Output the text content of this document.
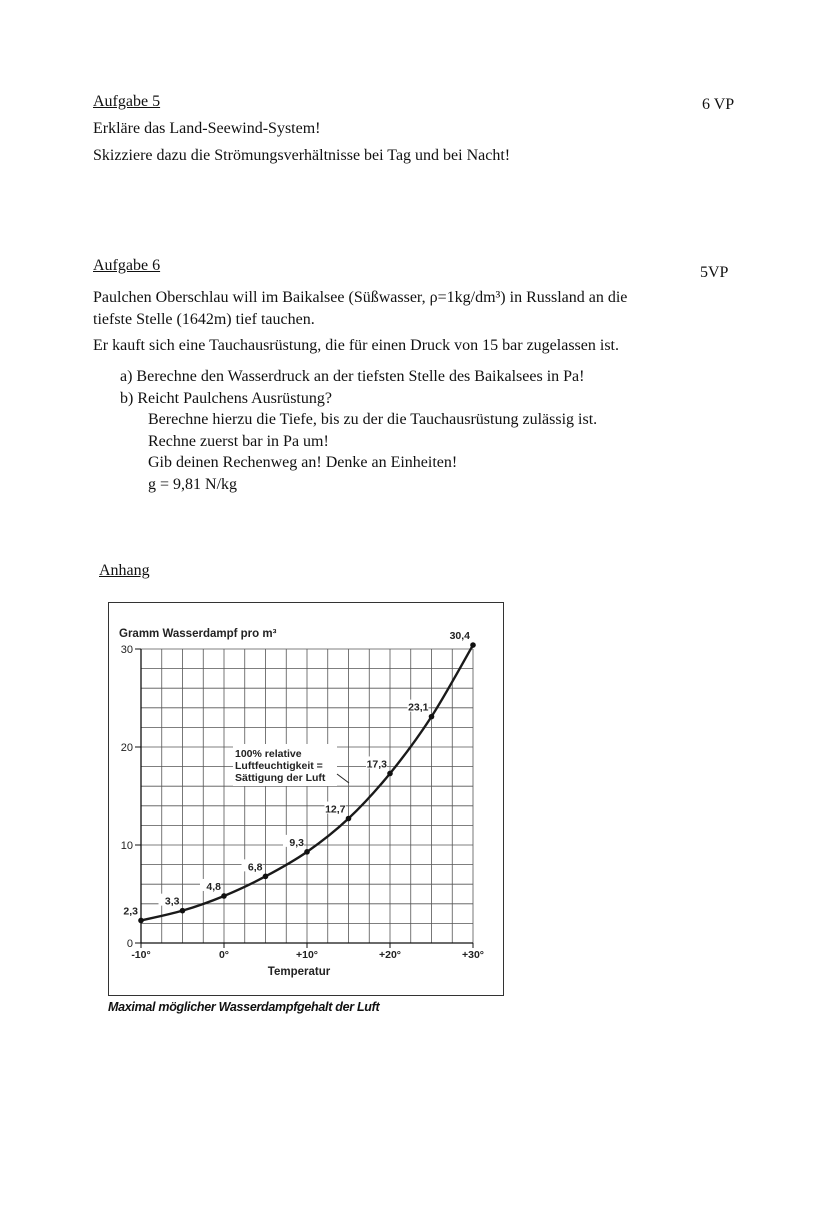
Aufgabe 5	6 VP
Erkläre das Land-Seewind-System!
Skizziere dazu die Strömungsverhältnisse bei Tag und bei Nacht!
Aufgabe 6	5VP
Paulchen Oberschlau will im Baikalsee (Süßwasser, ρ=1kg/dm³) in Russland an die
tiefste Stelle (1642m) tief tauchen.
Er kauft sich eine Tauchausrüstung, die für einen Druck von 15 bar zugelassen ist.
a) Berechne den Wasserdruck an der tiefsten Stelle des Baikalsees in Pa!
b) Reicht Paulchens Ausrüstung?
Berechne hierzu die Tiefe, bis zu der die Tauchausrüstung zulässig ist.
Rechne zuerst bar in Pa um!
Gib deinen Rechenweg an! Denke an Einheiten!
g = 9,81 N/kg
Anhang
0
10
20
30
-10°	0°	+10°	+20°	+30°
Gramm Wasserdampf pro m³
100% relative
Luftfeuchtigkeit =
Sättigung der Luft
Temperatur
2,3
3,3
4,8
6,8
9,3
12,7
17,3
23,1
30,4
Maximal möglicher Wasserdampfgehalt der Luft
